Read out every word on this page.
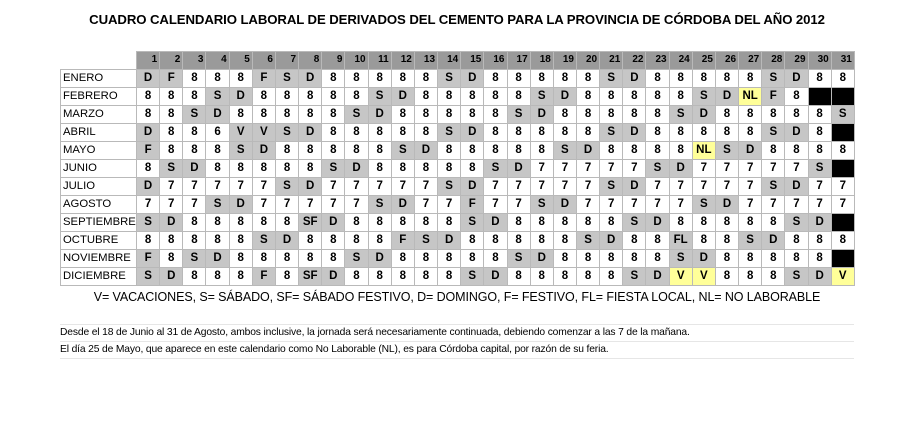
CUADRO CALENDARIO LABORAL DE DERIVADOS DEL CEMENTO PARA LA PROVINCIA DE CÓRDOBA DEL AÑO 2012
	1	2	3	4	5	6	7	8	9	10	11	12	13	14	15	16	17	18	19	20	21	22	23	24	25	26	27	28	29	30	31
ENERO	D	F	8	8	8	F	S	D	8	8	8	8	8	S	D	8	8	8	8	8	S	D	8	8	8	8	8	S	D	8	8
FEBRERO	8	8	8	S	D	8	8	8	8	8	S	D	8	8	8	8	8	S	D	8	8	8	8	8	S	D	NL	F	8		
MARZO	8	8	S	D	8	8	8	8	8	S	D	8	8	8	8	8	S	D	8	8	8	8	8	S	D	8	8	8	8	8	S
ABRIL	D	8	8	6	V	V	S	D	8	8	8	8	8	S	D	8	8	8	8	8	S	D	8	8	8	8	8	S	D	8	
MAYO	F	8	8	8	S	D	8	8	8	8	8	S	D	8	8	8	8	8	S	D	8	8	8	8	NL	S	D	8	8	8	8
JUNIO	8	S	D	8	8	8	8	8	S	D	8	8	8	8	8	S	D	7	7	7	7	7	S	D	7	7	7	7	7	S	
JULIO	D	7	7	7	7	7	S	D	7	7	7	7	7	S	D	7	7	7	7	7	S	D	7	7	7	7	7	S	D	7	7
AGOSTO	7	7	7	S	D	7	7	7	7	7	S	D	7	7	F	7	7	S	D	7	7	7	7	7	S	D	7	7	7	7	7
SEPTIEMBRE	S	D	8	8	8	8	8	SF	D	8	8	8	8	8	S	D	8	8	8	8	8	S	D	8	8	8	8	8	S	D	
OCTUBRE	8	8	8	8	8	S	D	8	8	8	8	F	S	D	8	8	8	8	8	S	D	8	8	FL	8	8	S	D	8	8	8
NOVIEMBRE	F	8	S	D	8	8	8	8	8	S	D	8	8	8	8	8	S	D	8	8	8	8	8	S	D	8	8	8	8	8	
DICIEMBRE	S	D	8	8	8	F	8	SF	D	8	8	8	8	8	S	D	8	8	8	8	8	S	D	V	V	8	8	8	S	D	V
V= VACACIONES, S= SÁBADO, SF= SÁBADO FESTIVO, D= DOMINGO, F= FESTIVO, FL= FIESTA LOCAL, NL= NO LABORABLE
Desde el 18 de Junio al 31 de Agosto, ambos inclusive, la jornada será necesariamente continuada, debiendo comenzar a las 7 de la mañana.
El día 25 de Mayo, que aparece en este calendario como No Laborable (NL), es para Córdoba capital, por razón de su feria.
